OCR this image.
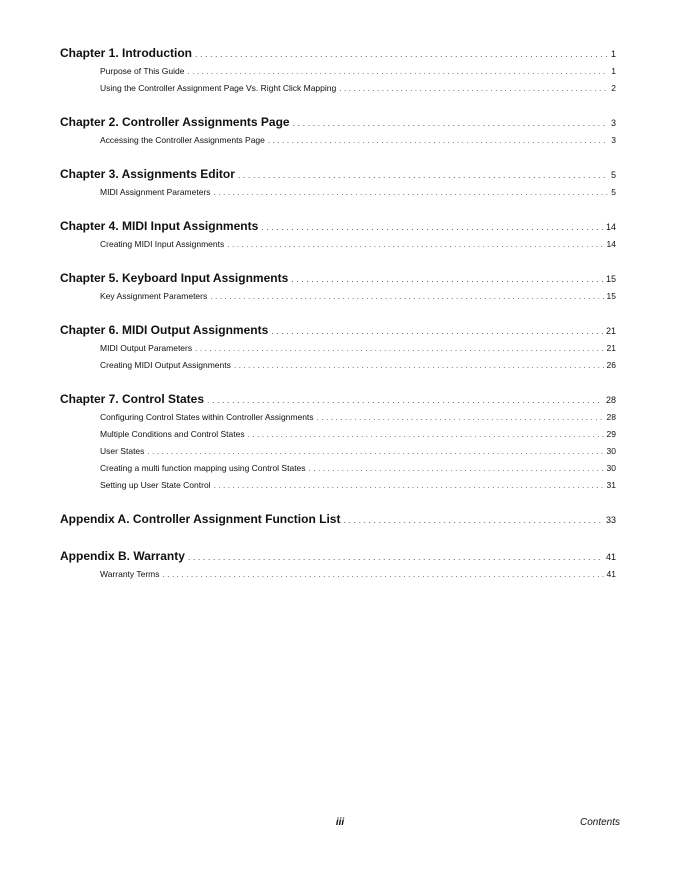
Chapter 1. Introduction . . .	1
Purpose of This Guide . . .	1
Using the Controller Assignment Page Vs. Right Click Mapping . . .	2
Chapter 2. Controller Assignments Page . . .	3
Accessing the Controller Assignments Page . . .	3
Chapter 3. Assignments Editor . . .	5
MIDI Assignment Parameters . . .	5
Chapter 4. MIDI Input Assignments . . .	14
Creating MIDI Input Assignments . . .	14
Chapter 5. Keyboard Input Assignments . . .	15
Key Assignment Parameters . . .	15
Chapter 6. MIDI Output Assignments . . .	21
MIDI Output Parameters . . .	21
Creating MIDI Output Assignments . . .	26
Chapter 7. Control States . . .	28
Configuring Control States within Controller Assignments . . .	28
Multiple Conditions and Control States . . .	29
User States . . .	30
Creating a multi function mapping using Control States . . .	30
Setting up User State Control . . .	31
Appendix A. Controller Assignment Function List . . .	33
Appendix B. Warranty . . .	41
Warranty Terms . . .	41
iii	Contents
